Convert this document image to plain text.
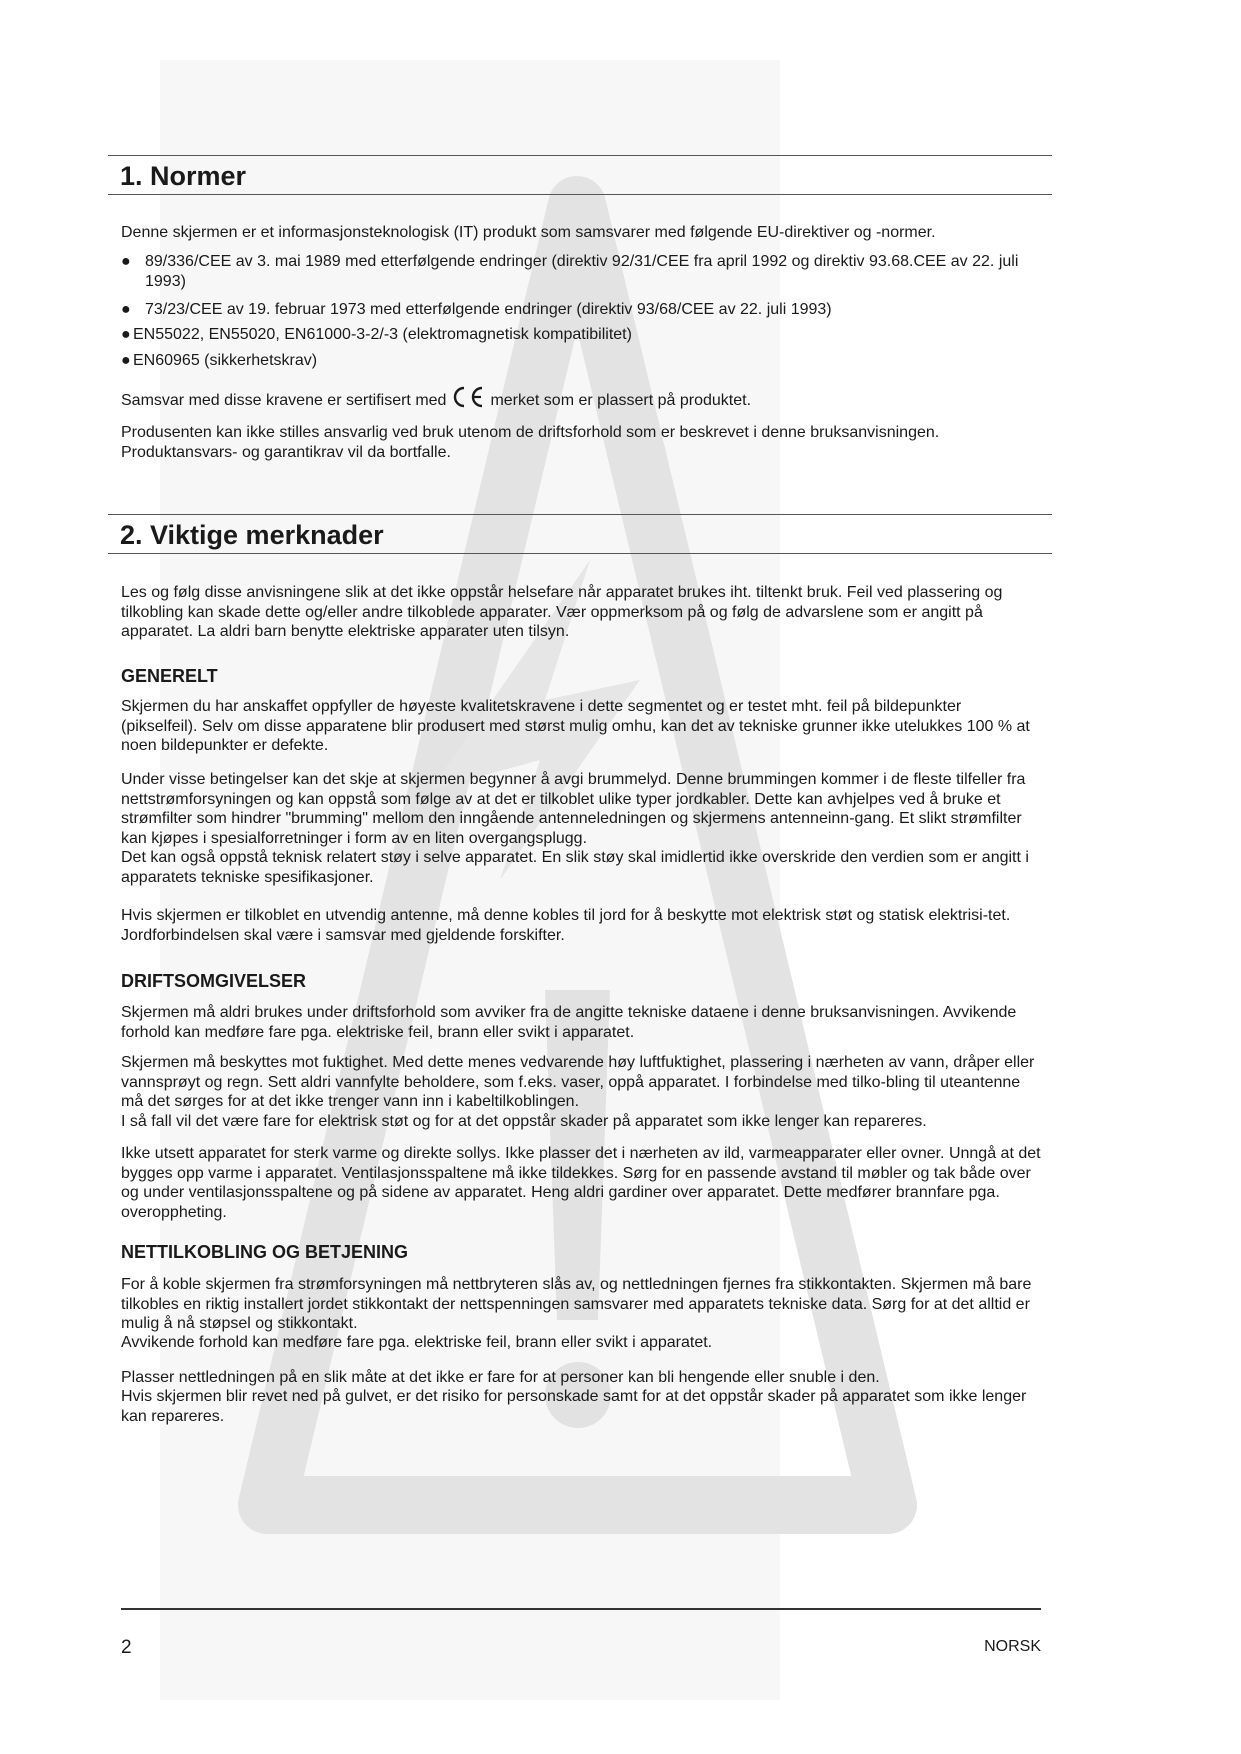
1. Normer

Denne skjermen er et informasjonsteknologisk (IT) produkt som samsvarer med følgende EU-direktiver og -normer.

● 89/336/CEE av 3. mai 1989 med etterfølgende endringer (direktiv 92/31/CEE fra april 1992 og direktiv 93.68.CEE av 22. juli 1993)
● 73/23/CEE av 19. februar 1973 med etterfølgende endringer (direktiv 93/68/CEE av 22. juli 1993)
● EN55022, EN55020, EN61000-3-2/-3 (elektromagnetisk kompatibilitet)
● EN60965 (sikkerhetskrav)

Samsvar med disse kravene er sertifisert med	merket som er plassert på produktet.

Produsenten kan ikke stilles ansvarlig ved bruk utenom de driftsforhold som er beskrevet i denne bruksanvisningen. Produktansvars- og garantikrav vil da bortfalle.

2. Viktige merknader

Les og følg disse anvisningene slik at det ikke oppstår helsefare når apparatet brukes iht. tiltenkt bruk. Feil ved plassering og tilkobling kan skade dette og/eller andre tilkoblede apparater. Vær oppmerksom på og følg de advarslene som er angitt på apparatet. La aldri barn benytte elektriske apparater uten tilsyn.

GENERELT

Skjermen du har anskaffet oppfyller de høyeste kvalitetskravene i dette segmentet og er testet mht. feil på bildepunkter (pikselfeil). Selv om disse apparatene blir produsert med størst mulig omhu, kan det av tekniske grunner ikke utelukkes 100 % at noen bildepunkter er defekte.

Under visse betingelser kan det skje at skjermen begynner å avgi brummelyd. Denne brummingen kommer i de fleste tilfeller fra nettstrømforsyningen og kan oppstå som følge av at det er tilkoblet ulike typer jordkabler. Dette kan avhjelpes ved å bruke et strømfilter som hindrer "brumming" mellom den inngående antenneledningen og skjermens antenneinn-gang. Et slikt strømfilter kan kjøpes i spesialforretninger i form av en liten overgangsplugg.

Det kan også oppstå teknisk relatert støy i selve apparatet. En slik støy skal imidlertid ikke overskride den verdien som er angitt i apparatets tekniske spesifikasjoner.

Hvis skjermen er tilkoblet en utvendig antenne, må denne kobles til jord for å beskytte mot elektrisk støt og statisk elektrisi-tet. Jordforbindelsen skal være i samsvar med gjeldende forskifter.

DRIFTSOMGIVELSER

Skjermen må aldri brukes under driftsforhold som avviker fra de angitte tekniske dataene i denne bruksanvisningen. Avvikende forhold kan medføre fare pga. elektriske feil, brann eller svikt i apparatet.

Skjermen må beskyttes mot fuktighet. Med dette menes vedvarende høy luftfuktighet, plassering i nærheten av vann, dråper eller vannsprøyt og regn. Sett aldri vannfylte beholdere, som f.eks. vaser, oppå apparatet. I forbindelse med tilko-bling til uteantenne må det sørges for at det ikke trenger vann inn i kabeltilkoblingen.

I så fall vil det være fare for elektrisk støt og for at det oppstår skader på apparatet som ikke lenger kan repareres.

Ikke utsett apparatet for sterk varme og direkte sollys. Ikke plasser det i nærheten av ild, varmeapparater eller ovner. Unngå at det bygges opp varme i apparatet. Ventilasjonsspaltene må ikke tildekkes. Sørg for en passende avstand til møbler og tak både over og under ventilasjonsspaltene og på sidene av apparatet. Heng aldri gardiner over apparatet. Dette medfører brannfare pga. overoppheting.

NETTILKOBLING OG BETJENING

For å koble skjermen fra strømforsyningen må nettbryteren slås av, og nettledningen fjernes fra stikkontakten. Skjermen må bare tilkobles en riktig installert jordet stikkontakt der nettspenningen samsvarer med apparatets tekniske data. Sørg for at det alltid er mulig å nå støpsel og stikkontakt.

Avvikende forhold kan medføre fare pga. elektriske feil, brann eller svikt i apparatet.

Plasser nettledningen på en slik måte at det ikke er fare for at personer kan bli hengende eller snuble i den.

Hvis skjermen blir revet ned på gulvet, er det risiko for personskade samt for at det oppstår skader på apparatet som ikke lenger kan repareres.

2	NORSK
